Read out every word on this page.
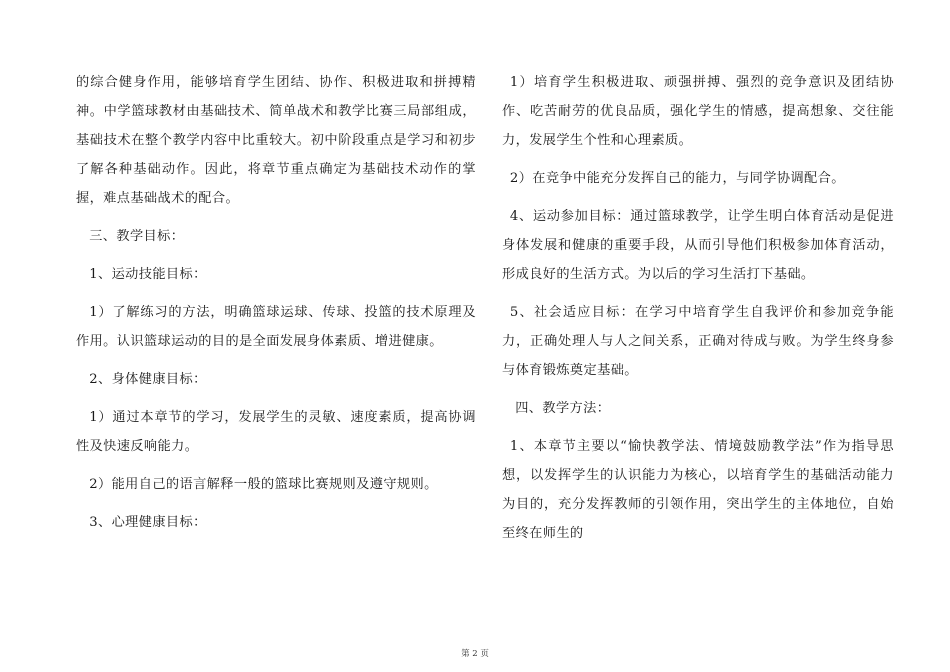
的综合健身作用，能够培育学生团结、协作、积极进取和拼搏精神。中学篮球教材由基础技术、简单战术和教学比赛三局部组成，基础技术在整个教学内容中比重较大。初中阶段重点是学习和初步了解各种基础动作。因此，将章节重点确定为基础技术动作的掌握，难点基础战术的配合。

三、教学目标：

1、运动技能目标：

1）了解练习的方法，明确篮球运球、传球、投篮的技术原理及作用。认识篮球运动的目的是全面发展身体素质、增进健康。

2、身体健康目标：

1）通过本章节的学习，发展学生的灵敏、速度素质，提高协调性及快速反响能力。

2）能用自己的语言解释一般的篮球比赛规则及遵守规则。

3、心理健康目标：

1）培育学生积极进取、顽强拼搏、强烈的竞争意识及团结协作、吃苦耐劳的优良品质，强化学生的情感，提高想象、交往能力，发展学生个性和心理素质。

2）在竞争中能充分发挥自己的能力，与同学协调配合。

4、运动参加目标：通过篮球教学，让学生明白体育活动是促进身体发展和健康的重要手段，从而引导他们积极参加体育活动，形成良好的生活方式。为以后的学习生活打下基础。

5、社会适应目标：在学习中培育学生自我评价和参加竞争能力，正确处理人与人之间关系，正确对待成与败。为学生终身参与体育锻炼奠定基础。

四、教学方法：

1、本章节主要以“愉快教学法、情境鼓励教学法”作为指导思想，以发挥学生的认识能力为核心，以培育学生的基础活动能力为目的，充分发挥教师的引领作用，突出学生的主体地位，自始至终在师生的

第 2 页
